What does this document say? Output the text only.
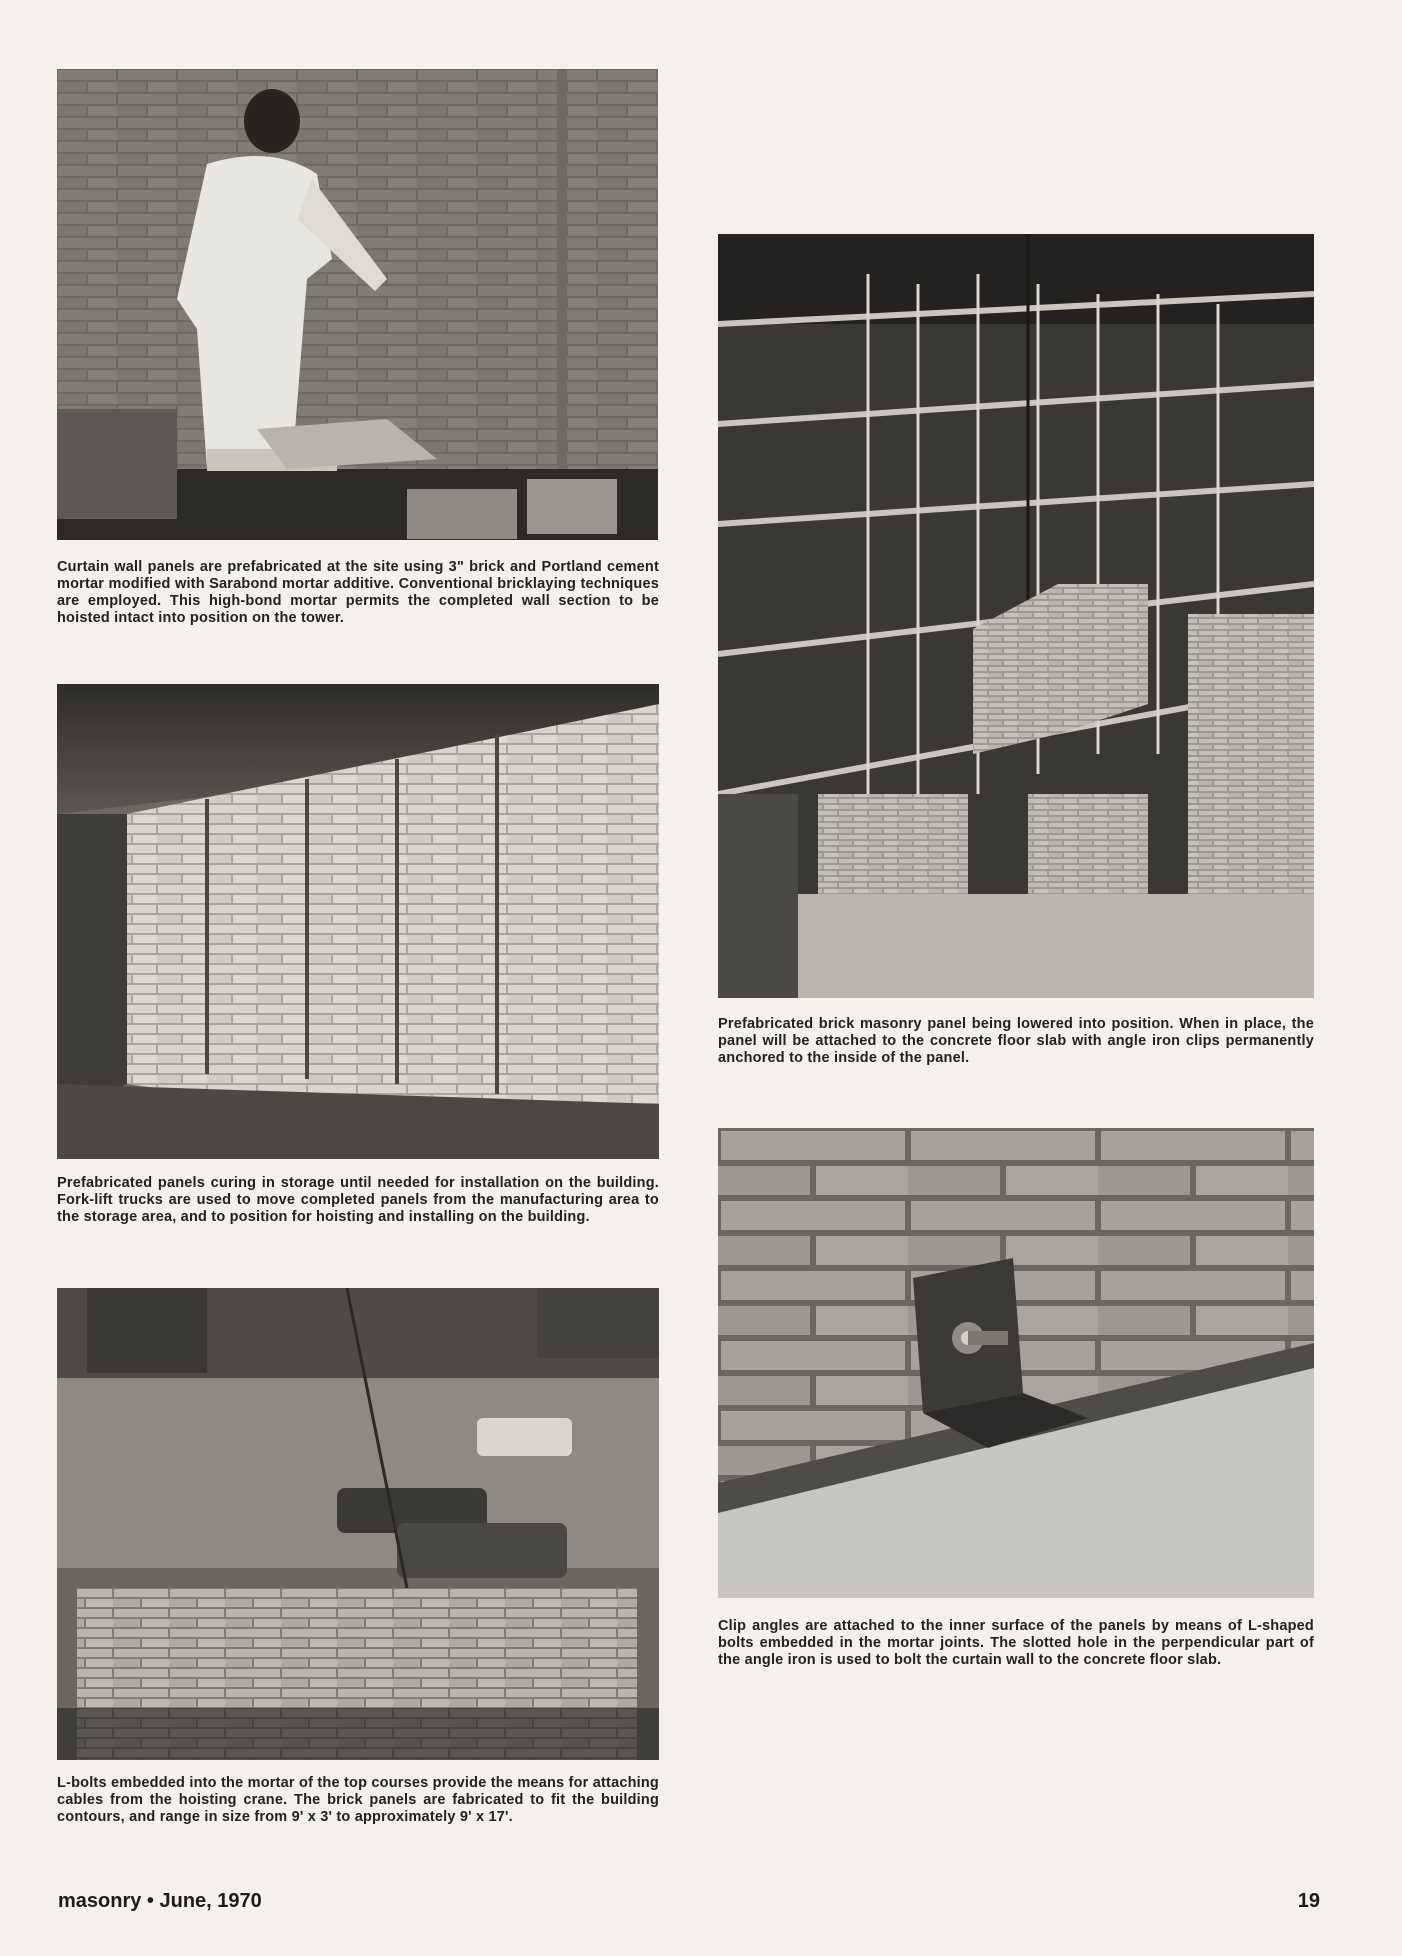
Curtain wall panels are prefabricated at the site using 3" brick and Portland cement mortar modified with Sarabond mortar additive. Conventional bricklaying techniques are employed. This high-bond mortar permits the completed wall section to be hoisted intact into position on the tower.
Prefabricated panels curing in storage until needed for installation on the building. Fork-lift trucks are used to move completed panels from the manufacturing area to the storage area, and to position for hoisting and installing on the building.
L-bolts embedded into the mortar of the top courses provide the means for attaching cables from the hoisting crane. The brick panels are fabricated to fit the building contours, and range in size from 9' x 3' to approximately 9' x 17'.
Prefabricated brick masonry panel being lowered into position. When in place, the panel will be attached to the concrete floor slab with angle iron clips permanently anchored to the inside of the panel.
Clip angles are attached to the inner surface of the panels by means of L-shaped bolts embedded in the mortar joints. The slotted hole in the perpendicular part of the angle iron is used to bolt the curtain wall to the concrete floor slab.
masonry • June, 1970	19
